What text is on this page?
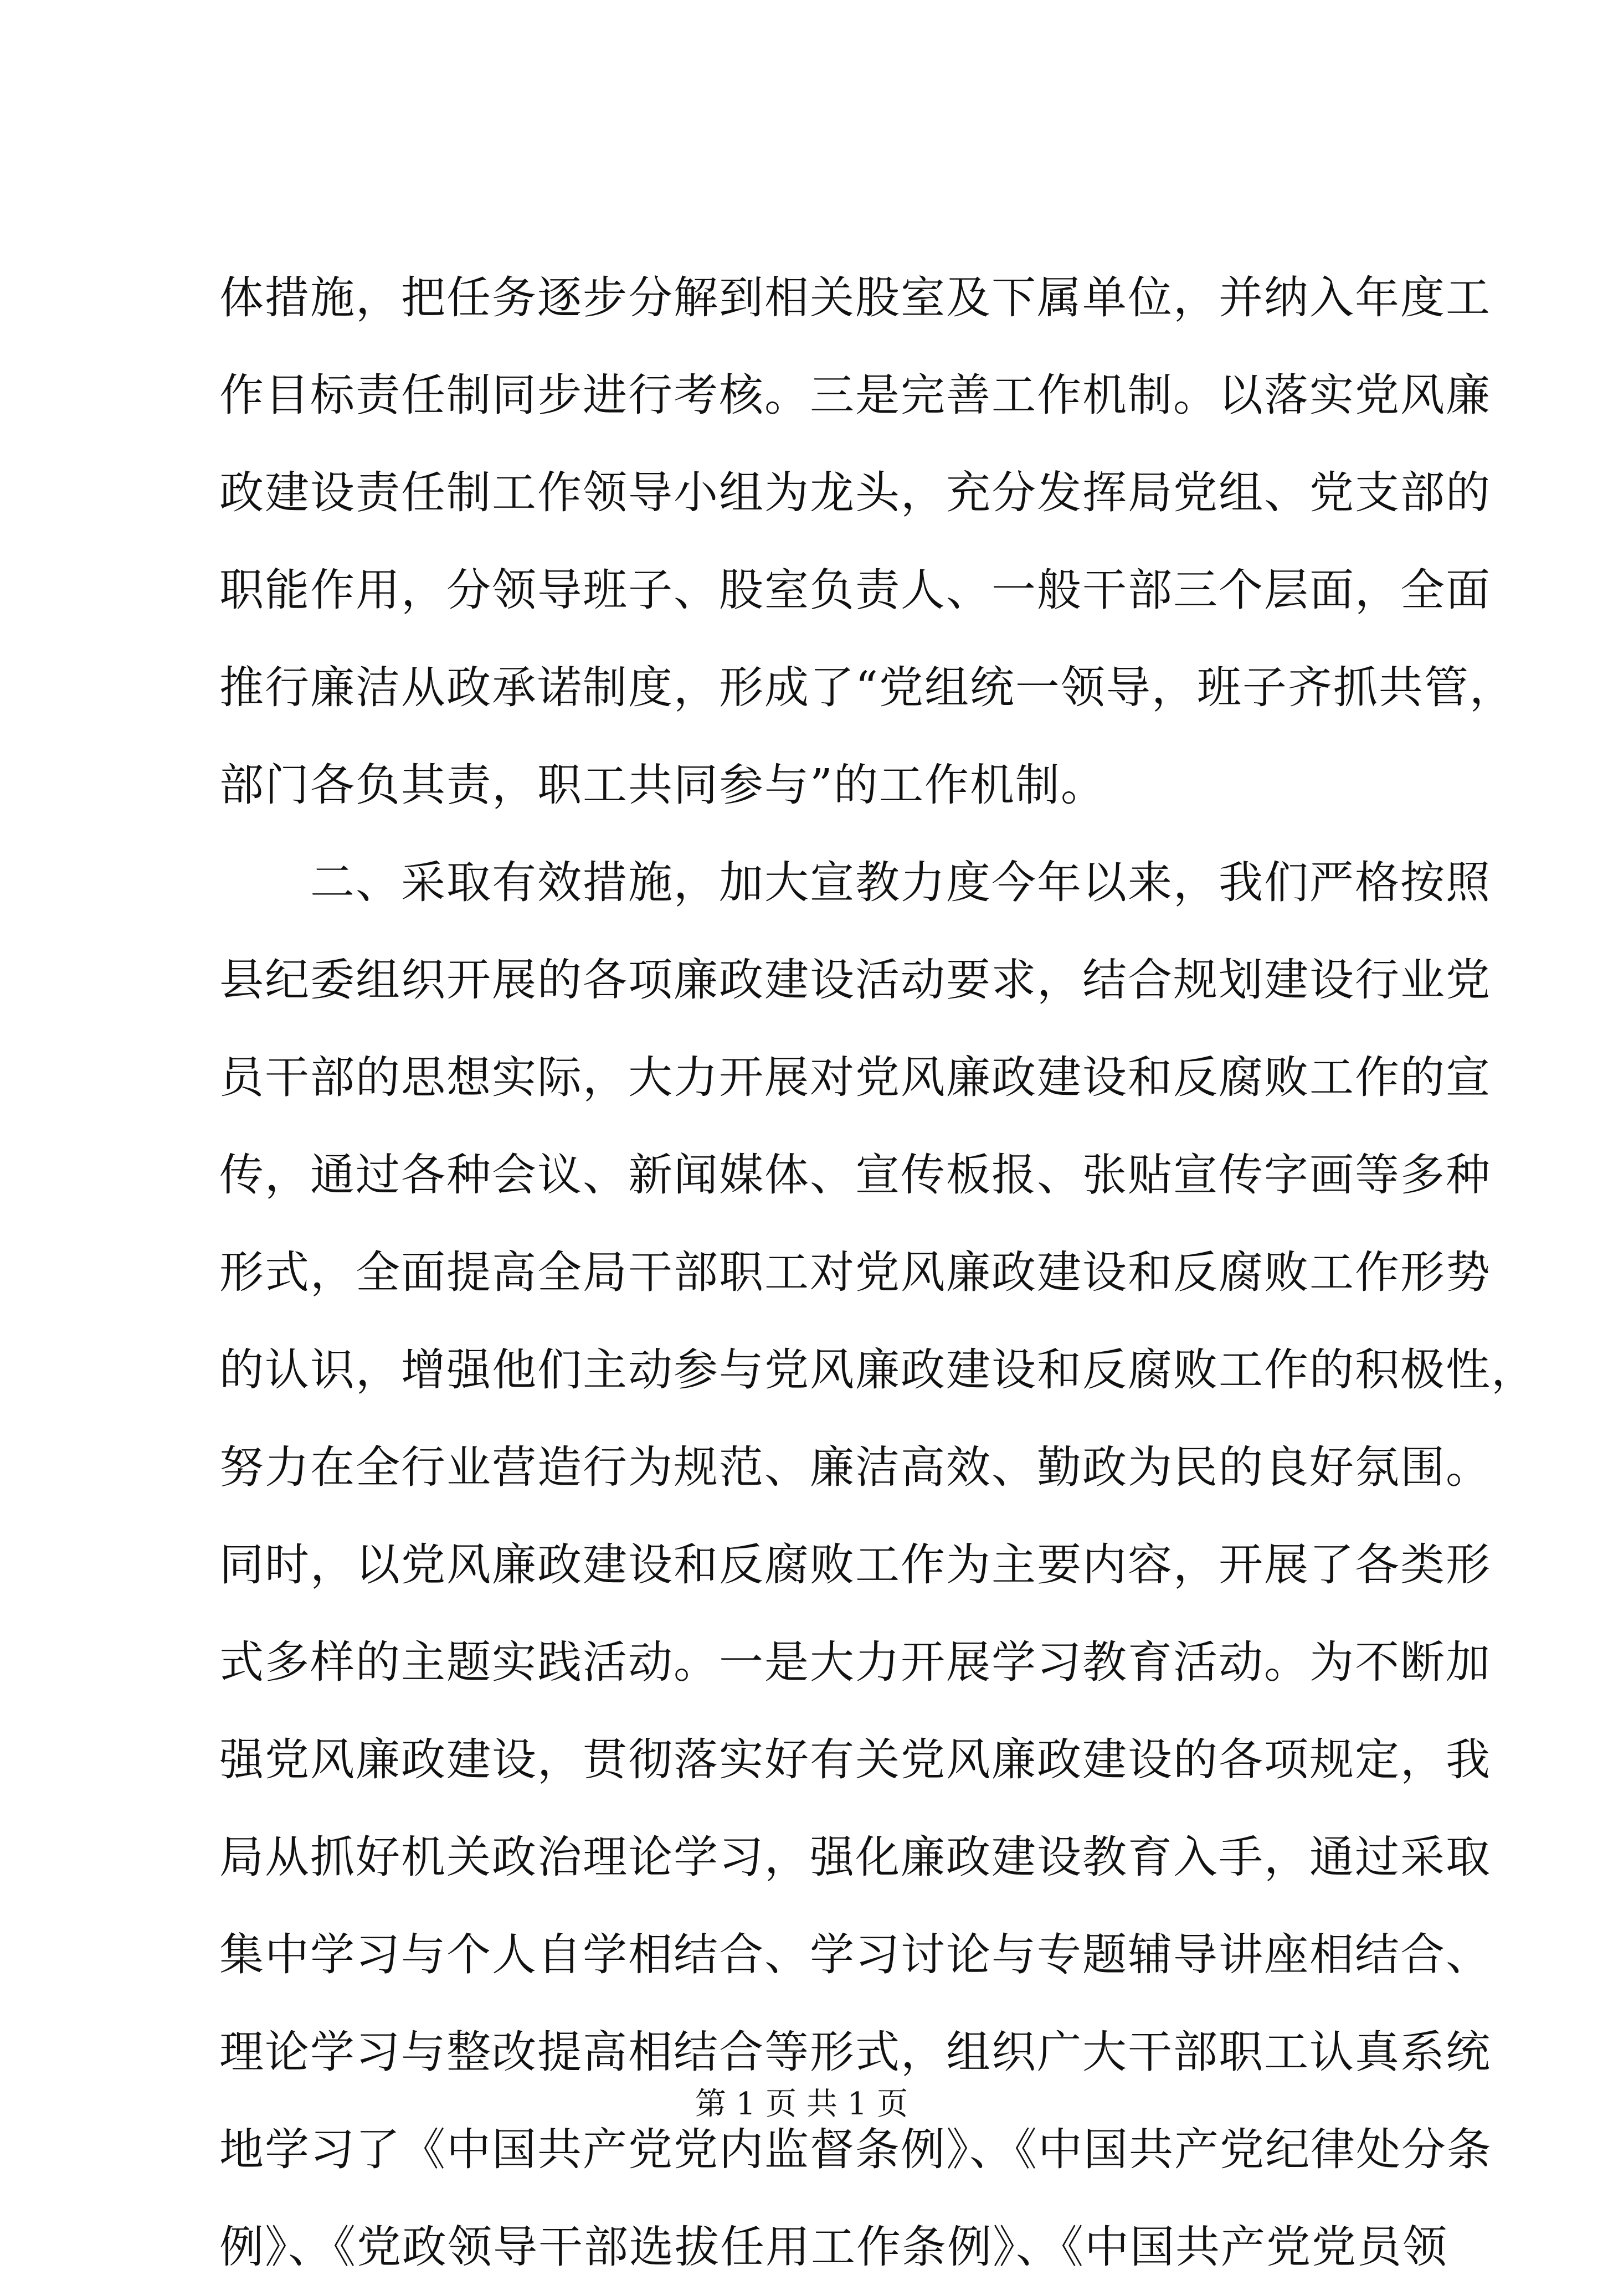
体措施，把任务逐步分解到相关股室及下属单位，并纳入年度工
作目标责任制同步进行考核。三是完善工作机制。以落实党风廉
政建设责任制工作领导小组为龙头，充分发挥局党组、党支部的
职能作用，分领导班子、股室负责人、一般干部三个层面，全面
推行廉洁从政承诺制度，形成了“党组统一领导，班子齐抓共管，
部门各负其责，职工共同参与”的工作机制。
　　二、采取有效措施，加大宣教力度今年以来，我们严格按照
县纪委组织开展的各项廉政建设活动要求，结合规划建设行业党
员干部的思想实际，大力开展对党风廉政建设和反腐败工作的宣
传，通过各种会议、新闻媒体、宣传板报、张贴宣传字画等多种
形式，全面提高全局干部职工对党风廉政建设和反腐败工作形势
的认识，增强他们主动参与党风廉政建设和反腐败工作的积极性，
努力在全行业营造行为规范、廉洁高效、勤政为民的良好氛围。
同时，以党风廉政建设和反腐败工作为主要内容，开展了各类形
式多样的主题实践活动。一是大力开展学习教育活动。为不断加
强党风廉政建设，贯彻落实好有关党风廉政建设的各项规定，我
局从抓好机关政治理论学习，强化廉政建设教育入手，通过采取
集中学习与个人自学相结合、学习讨论与专题辅导讲座相结合、
理论学习与整改提高相结合等形式，组织广大干部职工认真系统
地学习了《中国共产党党内监督条例》、《中国共产党纪律处分条
例》、《党政领导干部选拔任用工作条例》、《中国共产党党员领
第 1 页 共 1 页
